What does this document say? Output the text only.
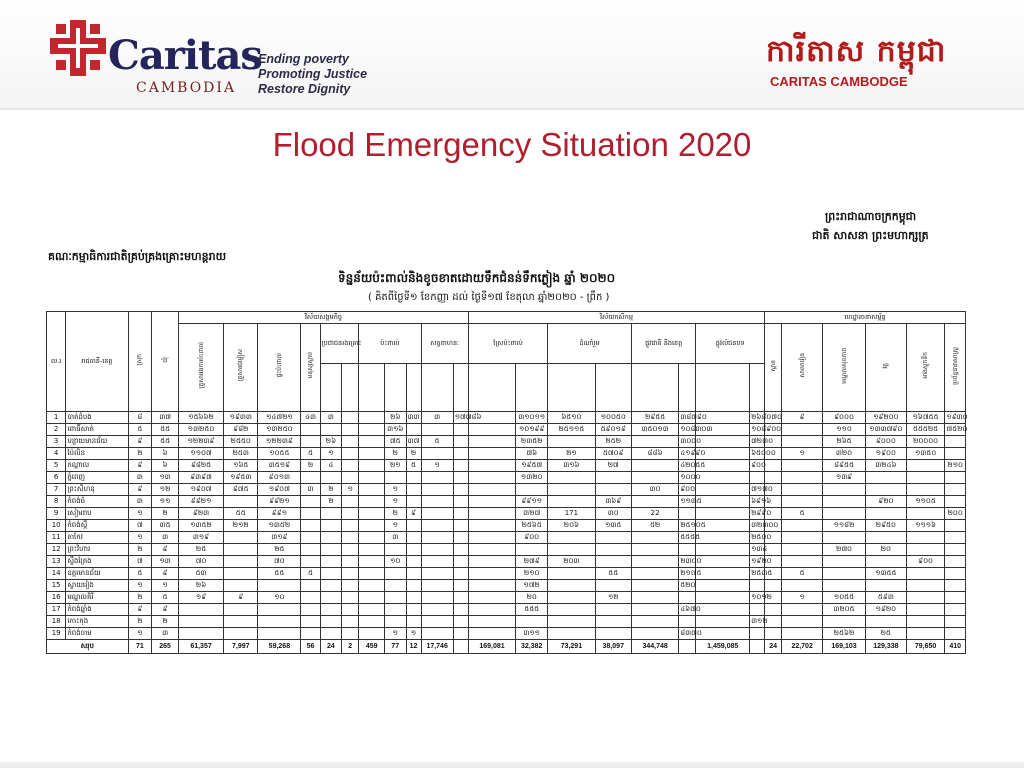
Caritas
CAMBODIA
Ending poverty
Promoting Justice
Restore Dignity
ការីតាស កម្ពុជា
CARITAS CAMBODGE
Flood Emergency Situation 2020
ព្រះរាជាណាចក្រកម្ពុជា
ជាតិ សាសនា ព្រះមហាក្សត្រ
គណៈកម្មាធិការជាតិគ្រប់គ្រងគ្រោះមហន្តរាយ
ទិន្នន័យប៉ះពាល់និងខូចខាតដោយទឹកជំនន់ទឹកភ្លៀង ឆ្នាំ ២០២០
( គិតពីថ្ងៃទី១ ខែកញ្ញា ដល់ ថ្ងៃទី១៧ ខែតុលា ឆ្នាំ២០២០ - ព្រឹក )
ល.រ	រាជធានី-ខេត្ត	ស្រុក	ឃុំ	វិស័យសង្គមកិច្ច											វិស័យកសិកម្ម								ហេដ្ឋារចនាសម្ព័ន្ធ					
				គ្រួសាររងការប៉ះពាល់	គ្រួសារជម្លៀស	ផ្ទះប៉ះពាល់	មនុស្សស្លាប់	ប្រជាជនរងគ្រោះ		ប៉ះពាល់			សត្វពាហនៈ		ស្រែប៉ះពាល់		ដំណាំរួម		ផ្លូវជាតិ និងខេត្ត		ផ្លូវលំជនបទ		ស្ពាន	សាលារៀន	មណ្ឌលសុខភាព	វត្ត	អាងស្តុកទឹក	ប្រព័ន្ធធារាសាស្ត្រ

1	បាត់ដំបង	៨	៣៧	១៥៦៦២	១៩៣៣	១៤៧២១	៤៣	៣			២៦	៣៣	៣	១៧៧៨៦		៣១០១១	៦៥១០	១០០៥០	២៩៥៥	៣៨៧៩០		២៦៨០៧០		៩	៩០០០	១៩២០០	១៦៧៥៥	១៩៣០
2	ពោធិ៍សាត់	៥	៥៥	១៣២៥០	៩៨២	១៣២៥០					៣១៦					១០១៩៩	២៥១១៥	៥៩០១៩	៣៥០១៣	១០៨៣០៣		១០៨៩០០			១១០	១៣៣៧៩០	៥៥៥២៥	៧៥២០
3	បន្ទាយមានជ័យ	៩	៥៥	១២២៣៩	២៥៥០	១២២៣៩		២៦			៧៥	៣៧	៥			២៣៥២		២៥២		៣០០០		៧២៣០			២៦៥	៩០០០	២០០០០	
4	ប៉ៃលិន	២	៦	១១០៧	២៥៣	១០៥៥	៥	១			២	២				៧៦	២១	៥៧០៩	៨៨៦	៤១៩៩០		៦៥០០០		១	៣២០	១៩០០	១៣៥០	
5	កណ្ដាល	៩	៦	៩៨២៥	១៦៥	៣៥១៩	២	៤			២១	៥	១			១៩៥៧	៣១៦	២៧		៤២០៥៥		៩០០			៨៩៥៥	៣២៤៦		២១០
6	ភ្នំពេញ	៣	១៣	៩៣៩៧	១៩៥៣	៩០១៣										១៣២០				១០០០					១៣៩			
7	ព្រះសីហនុ	៩	១២	១៩០៧	៩៧៥	១៩០៧	៣	២	១		១								៣០	៩០០		៧១៧០						
8	កំពង់ធំ	៣	១១	៩៩២១		៩៩២១		២			១					៩៩១១		៣៦៩		១១៣៥		៦៩១៦				៩២០	១១០៥	
9	សៀមរាប	១	២	៩២៣	៥៥	៩៩១					២	៩				៣២៧	171	៣០	22			២៩៩០		៥				២០០
10	កំពង់ស្ពឺ	៧	៣៥	១៣៥២	២១២	១៣៥២					១					២៥៦៥	២០៦	១៣៥	៥២	២៥១០៥		៣២៣០០			១១៨២	២៩៥០	១១១៦	
11	តាកែវ	១	៣	៣១៩		៣១៩					៣					៩០០				៥៥៥៥		២៥០០						
12	ព្រះវិហារ	២	៩	២៥		២៥																១៣៤			២៧០	២០		
13	ស្ទឹងត្រែង	៧	១៣	៧០		៧០					១០					២៧៩	២០៣			២៣០០		១៩២០					៩០០	
14	ឧត្តរមានជ័យ	៥	៩	៥៣		៥៥	៥									២១០		៥៥		២១៧៥		២៥៣៥		៥		១៣៥៥		
15	ស្វាយរៀង	១	១	២៦												១៧២				៥២០								
16	មណ្ឌលគិរី	២	៥	១៩	៩	១០										២០		១២				១០១២		១	១០៥៥	៥៩៣		
17	កំពង់ឆ្នាំង	៩	៩													៥៥៥				៤៦៧០					៣២០៥	១៩២០		
18	កោះកុង	២	២																			៣១២						
19	កំពង់ចាម	១	៣								១	១				៣១១				៨៣៧០					២៥៦២	២៥		
សរុប		71	265	61,357	7,997	59,268	56	24	2	459	77	12	17,746		169,081	32,382	73,291	38,097	344,748		1,459,085		24	22,702	169,103	129,338	79,650	410
